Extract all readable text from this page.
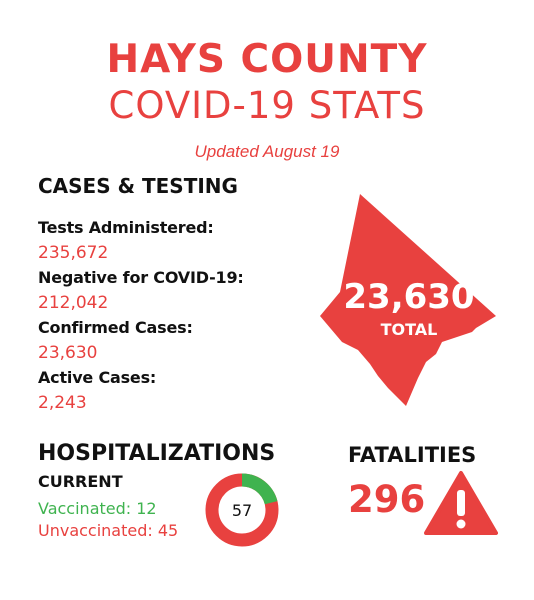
HAYS COUNTY
COVID-19 STATS
Updated August 19
CASES & TESTING
Tests Administered:
235,672
Negative for COVID-19:
212,042
Confirmed Cases:
23,630
Active Cases:
2,243
23,630
TOTAL
HOSPITALIZATIONS
CURRENT
Vaccinated: 12
Unvaccinated: 45
57
FATALITIES
296
